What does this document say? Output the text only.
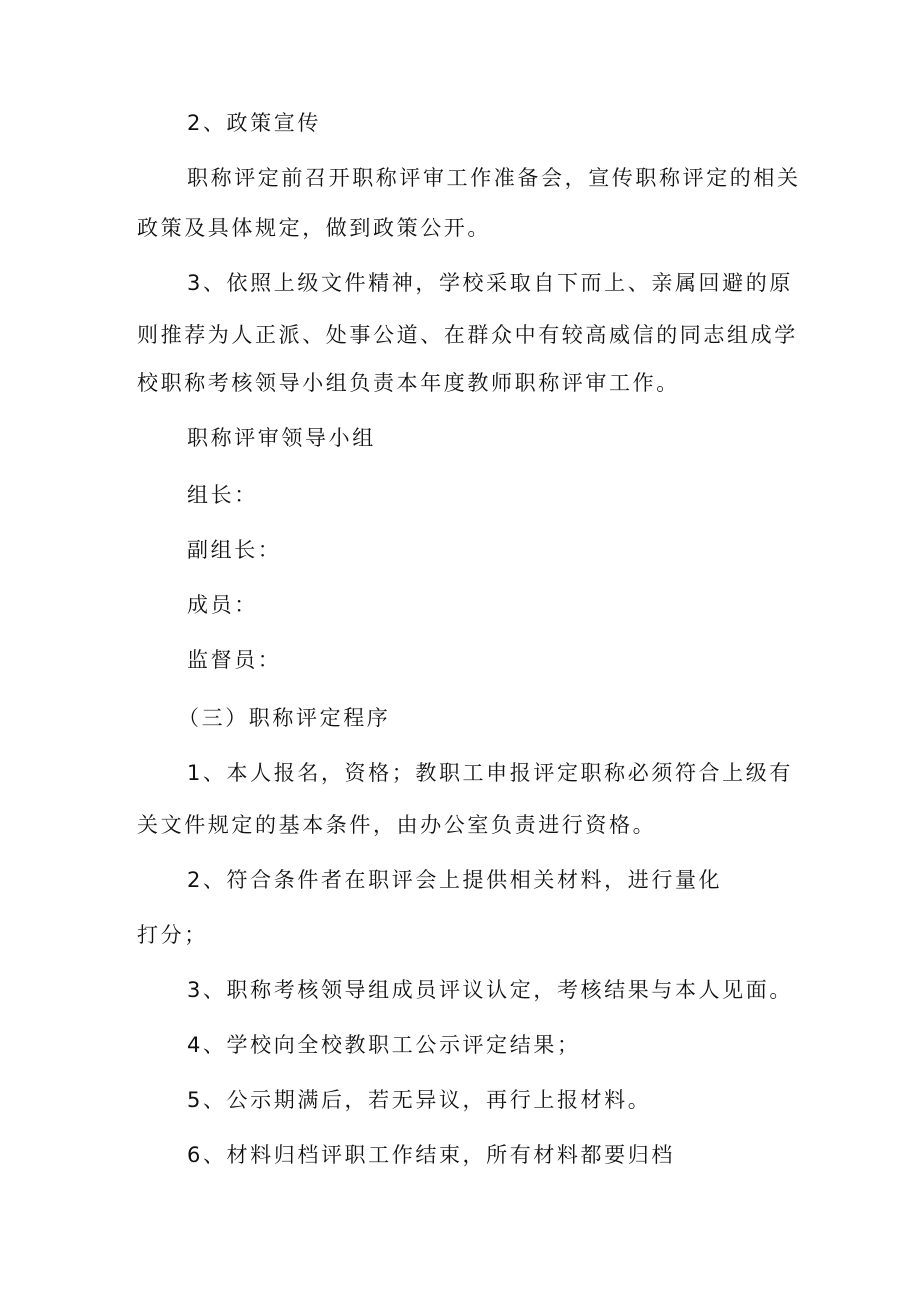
2、政策宣传

职称评定前召开职称评审工作准备会，宣传职称评定的相关

政策及具体规定，做到政策公开。

3、依照上级文件精神，学校采取自下而上、亲属回避的原

则推荐为人正派、处事公道、在群众中有较高威信的同志组成学

校职称考核领导小组负责本年度教师职称评审工作。

职称评审领导小组

组长：

副组长：

成员：

监督员：

（三）职称评定程序

1、本人报名，资格；教职工申报评定职称必须符合上级有

关文件规定的基本条件，由办公室负责进行资格。

2、符合条件者在职评会上提供相关材料，进行量化

打分；

3、职称考核领导组成员评议认定，考核结果与本人见面。

4、学校向全校教职工公示评定结果；

5、公示期满后，若无异议，再行上报材料。

6、材料归档评职工作结束，所有材料都要归档
